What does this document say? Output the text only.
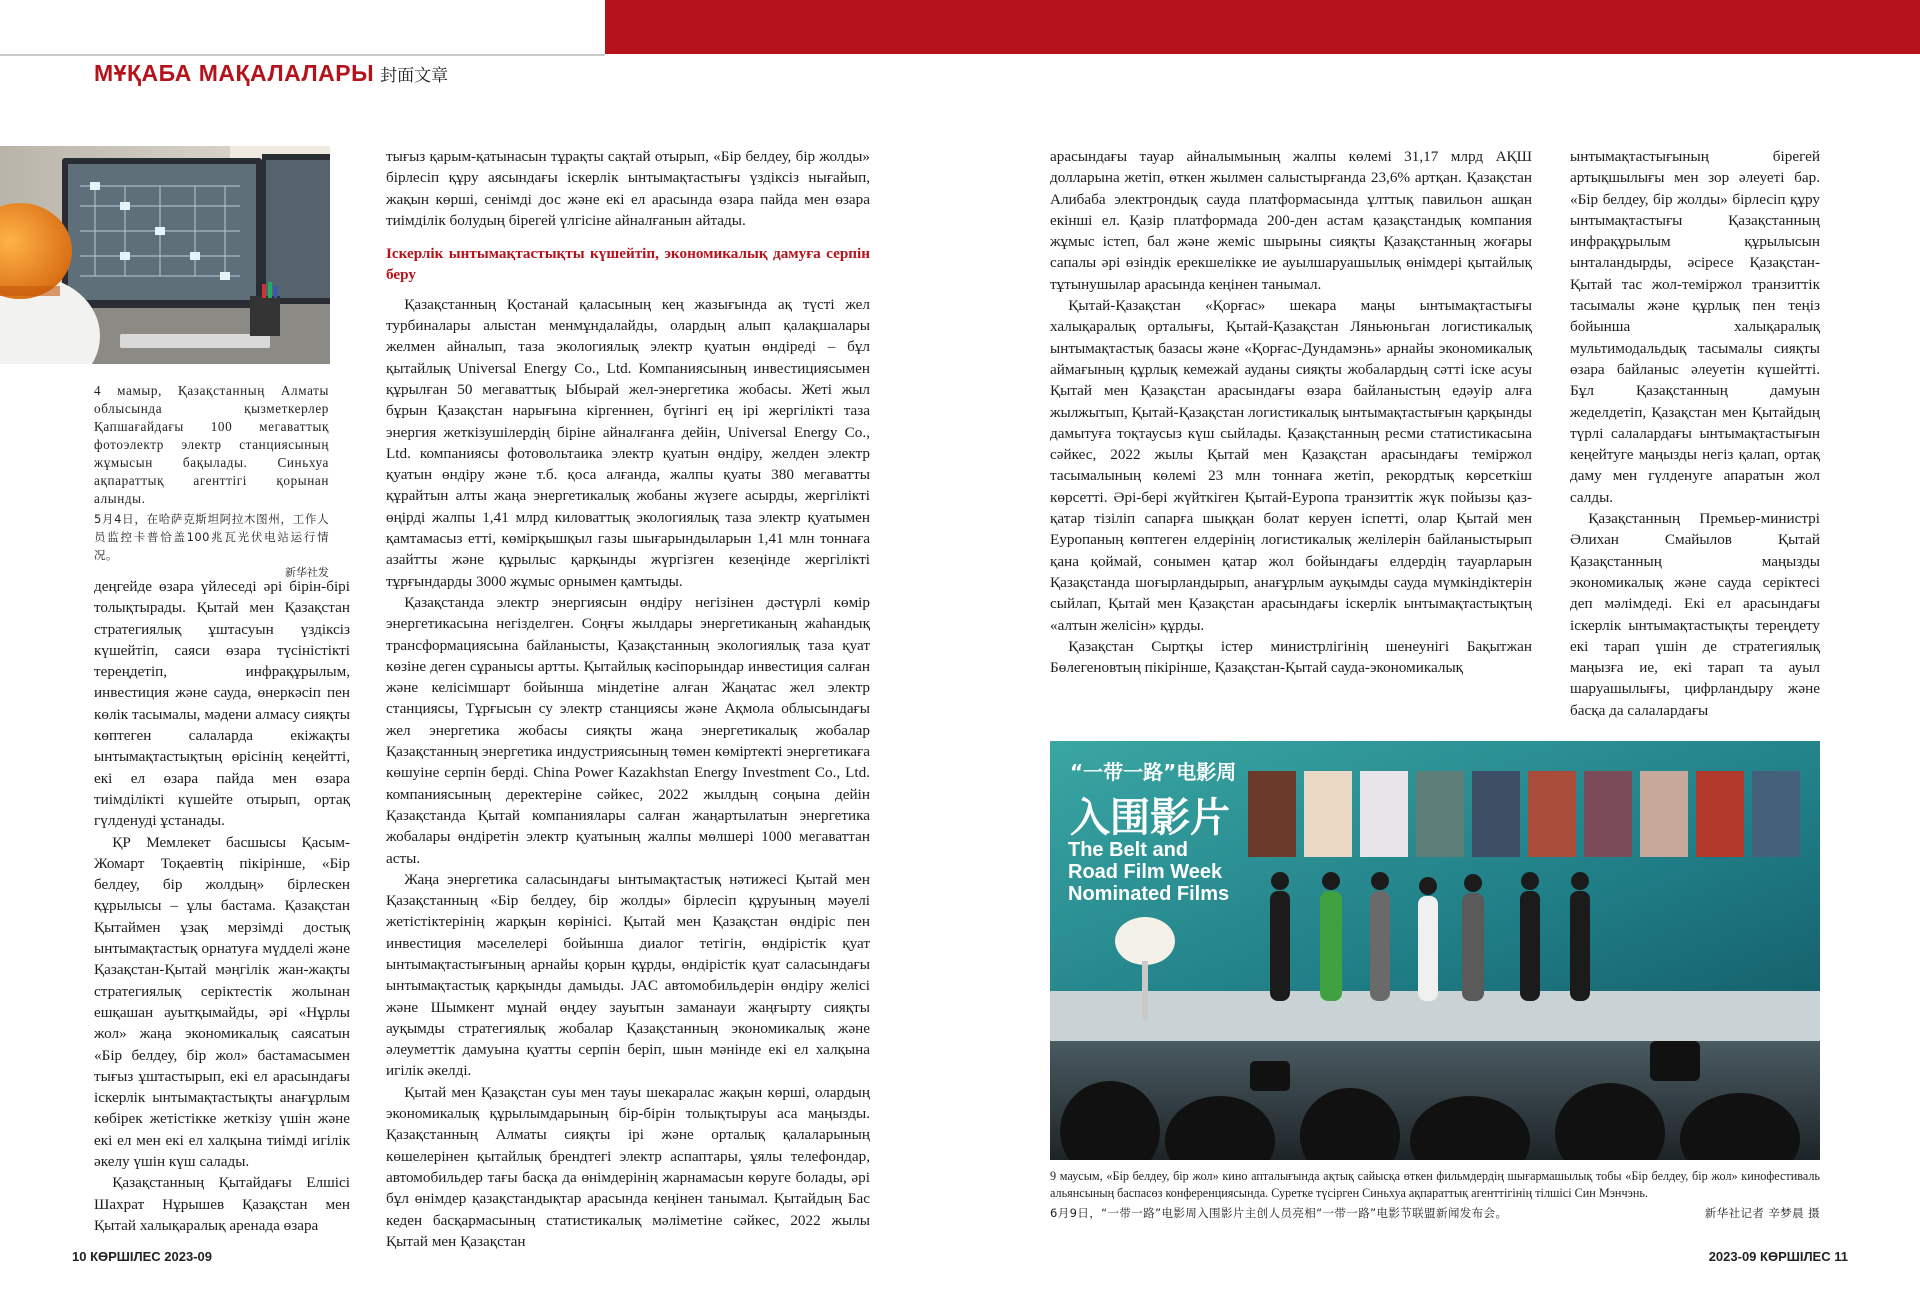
МҰҚАБА МАҚАЛАЛАРЫ 封面文章
4 мамыр, Қазақстанның Алматы облысында қызметкерлер Қапшағайдағы 100 мегаваттық фотоэлектр электр станциясының жұмысын бақылады. Синьхуа ақпараттық агенттігі қорынан алынды.
5月4日，在哈萨克斯坦阿拉木图州，工作人员监控卡普恰盖100兆瓦光伏电站运行情况。
新华社发

деңгейде өзара үйлеседі әрі бірін-бірі толықтырады. Қытай мен Қазақстан стратегиялық ұштасуын үздіксіз күшейтіп, саяси өзара түсіністікті тереңдетіп, инфрақұрылым, инвестиция және сауда, өнеркәсіп пен көлік тасымалы, мәдени алмасу сияқты көптеген салаларда екіжақты ынтымақтастықтың өрісінің кеңейтті, екі ел өзара пайда мен өзара тиімділікті күшейте отырып, ортақ гүлденуді ұстанады.

ҚР Мемлекет басшысы Қасым-Жомарт Тоқаевтің пікірінше, «Бір белдеу, бір жолдың» бірлескен құрылысы – ұлы бастама. Қазақстан Қытаймен ұзақ мерзімді достық ынтымақтастық орнатуға мүдделі және Қазақстан-Қытай мәңгілік жан-жақты стратегиялық серіктестік жолынан ешқашан ауытқымайды, әрі «Нұрлы жол» жаңа экономикалық саясатын «Бір белдеу, бір жол» бастамасымен тығыз ұштастырып, екі ел арасындағы іскерлік ынтымақтастықты анағұрлым көбірек жетістікке жеткізу үшін және екі ел мен екі ел халқына тиімді игілік әкелу үшін күш салады.

Қазақстанның Қытайдағы Елшісі Шахрат Нұрышев Қазақстан мен Қытай халықаралық аренада өзара

тығыз қарым-қатынасын тұрақты сақтай отырып, «Бір белдеу, бір жолды» бірлесіп құру аясындағы іскерлік ынтымақтастығы үздіксіз нығайып, жақын көрші, сенімді дос және екі ел арасында өзара пайда мен өзара тиімділік болудың бірегей үлгісіне айналғанын айтады.

Іскерлік ынтымақтастықты күшейтіп, экономикалық дамуға серпін беру

Қазақстанның Қостанай қаласының кең жазығында ақ түсті жел турбиналары алыстан менмұндалайды, олардың алып қалақшалары желмен айналып, таза экологиялық электр қуатын өндіреді – бұл қытайлық Universal Energy Co., Ltd. Компаниясының инвестициясымен құрылған 50 мегаваттық Ыбырай жел-энергетика жобасы. Жеті жыл бұрын Қазақстан нарығына кіргеннен, бүгінгі ең ірі жергілікті таза энергия жеткізушілердің біріне айналғанға дейін, Universal Energy Co., Ltd. компаниясы фотовольтаика электр қуатын өндіру, желден электр қуатын өндіру және т.б. қоса алғанда, жалпы қуаты 380 мегаватты құрайтын алты жаңа энергетикалық жобаны жүзеге асырды, жергілікті өңірді жалпы 1,41 млрд киловаттық экологиялық таза электр қуатымен қамтамасыз етті, көмірқышқыл газы шығарындыларын 1,41 млн тоннаға азайтты және құрылыс қарқынды жүргізген кезеңінде жергілікті тұрғындарды 3000 жұмыс орнымен қамтыды.

Қазақстанда электр энергиясын өндіру негізінен дәстүрлі көмір энергетикасына негізделген. Соңғы жылдары энергетиканың жаһандық трансформациясына байланысты, Қазақстанның экологиялық таза қуат көзіне деген сұранысы артты. Қытайлық кәсіпорындар инвестиция салған және келісімшарт бойынша міндетіне алған Жаңатас жел электр станциясы, Тұрғысын су электр станциясы және Ақмола облысындағы жел энергетика жобасы сияқты жаңа энергетикалық жобалар Қазақстанның энергетика индустриясының төмен көміртекті энергетикаға көшуіне серпін берді. China Power Kazakhstan Energy Investment Co., Ltd. компаниясының деректеріне сәйкес, 2022 жылдың соңына дейін Қазақстанда Қытай компаниялары салған жаңартылатын энергетика жобалары өндіретін электр қуатының жалпы мөлшері 1000 мегаваттан асты.

Жаңа энергетика саласындағы ынтымақтастық нәтижесі Қытай мен Қазақстанның «Бір белдеу, бір жолды» бірлесіп құруының мәуелі жетістіктерінің жарқын көрінісі. Қытай мен Қазақстан өндіріс пен инвестиция мәселелері бойынша диалог тетігін, өндірістік қуат ынтымақтастығының арнайы қорын құрды, өндірістік қуат саласындағы ынтымақтастық қарқынды дамыды. JAC автомобильдерін өндіру желісі және Шымкент мұнай өңдеу зауытын заманауи жаңғырту сияқты ауқымды стратегиялық жобалар Қазақстанның экономикалық және әлеуметтік дамуына қуатты серпін беріп, шын мәнінде екі ел халқына игілік әкелді.

Қытай мен Қазақстан суы мен тауы шекаралас жақын көрші, олардың экономикалық құрылымдарының бір-бірін толықтыруы аса маңызды. Қазақстанның Алматы сияқты ірі және орталық қалаларының көшелерінен қытайлық брендтегі электр аспаптары, ұялы телефондар, автомобильдер тағы басқа да өнімдерінің жарнамасын көруге болады, әрі бұл өнімдер қазақстандықтар арасында кеңінен танымал. Қытайдың Бас кеден басқармасының статистикалық мәліметіне сәйкес, 2022 жылы Қытай мен Қазақстан

арасындағы тауар айналымының жалпы көлемі 31,17 млрд АҚШ долларына жетіп, өткен жылмен салыстырғанда 23,6% артқан. Қазақстан Алибаба электрондық сауда платформасында ұлттық павильон ашқан екінші ел. Қазір платформада 200-ден астам қазақстандық компания жұмыс істеп, бал және жеміс шырыны сияқты Қазақстанның жоғары сапалы әрі өзіндік ерекшелікке ие ауылшаруашылық өнімдері қытайлық тұтынушылар арасында кеңінен танымал.

Қытай-Қазақстан «Қорғас» шекара маңы ынтымақтастығы халықаралық орталығы, Қытай-Қазақстан Ляньюньган логистикалық ынтымақтастық базасы және «Қорғас-Дундамэнь» арнайы экономикалық аймағының құрлық кемежай ауданы сияқты жобалардың сәтті іске асуы Қытай мен Қазақстан арасындағы өзара байланыстың едәуір алға жылжытып, Қытай-Қазақстан логистикалық ынтымақтастығын қарқынды дамытуға тоқтаусыз күш сыйлады. Қазақстанның ресми статистикасына сәйкес, 2022 жылы Қытай мен Қазақстан арасындағы теміржол тасымалының көлемі 23 млн тоннаға жетіп, рекордтық көрсеткіш көрсетті. Әрі-бері жүйткіген Қытай-Еуропа транзиттік жүк пойызы қаз-қатар тізіліп сапарға шыққан болат керуен іспетті, олар Қытай мен Еуропаның көптеген елдерінің логистикалық желілерін байланыстырып қана қоймай, сонымен қатар жол бойындағы елдердің тауарларын Қазақстанда шоғырландырып, анағұрлым ауқымды сауда мүмкіндіктерін сыйлап, Қытай мен Қазақстан арасындағы іскерлік ынтымақтастықтың «алтын желісін» құрды.

Қазақстан Сыртқы істер министрлігінің шенеунігі Бақытжан Бөлегеновтың пікірінше, Қазақстан-Қытай сауда-экономикалық

ынтымақтастығының бірегей артықшылығы мен зор әлеуеті бар. «Бір белдеу, бір жолды» бірлесіп құру ынтымақтастығы Қазақстанның инфрақұрылым құрылысын ынталандырды, әсіресе Қазақстан-Қытай тас жол-теміржол транзиттік тасымалы және құрлық пен теңіз бойынша халықаралық мультимодальдық тасымалы сияқты өзара байланыс әлеуетін күшейтті. Бұл Қазақстанның дамуын жеделдетіп, Қазақстан мен Қытайдың түрлі салалардағы ынтымақтастығын кеңейтуге маңызды негіз қалап, ортақ даму мен гүлденуге апаратын жол салды.

Қазақстанның Премьер-министрі Әлихан Смайылов Қытай Қазақстанның маңызды экономикалық және сауда серіктесі деп мәлімдеді. Екі ел арасындағы іскерлік ынтымақтастықты тереңдету екі тарап үшін де стратегиялық маңызға ие, екі тарап та ауыл шаруашылығы, цифрландыру және басқа да салалардағы

“一带一路”电影周
入围影片
The Belt and Road Film Week Nominated Films
9 маусым, «Бір белдеу, бір жол» кино апталығында ақтық сайысқа өткен фильмдердің шығармашылық тобы «Бір белдеу, бір жол» кинофестиваль альянсының баспасөз конференциясында. Суретке түсірген Синьхуа ақпараттық агенттігінің тілшісі Син Мэнчэнь.
6月9日，“一带一路”电影周入围影片主创人员亮相“一带一路”电影节联盟新闻发布会。	新华社记者 辛梦晨 摄
10 КӨРШІЛЕС 2023-09	2023-09 КӨРШІЛЕС 11
